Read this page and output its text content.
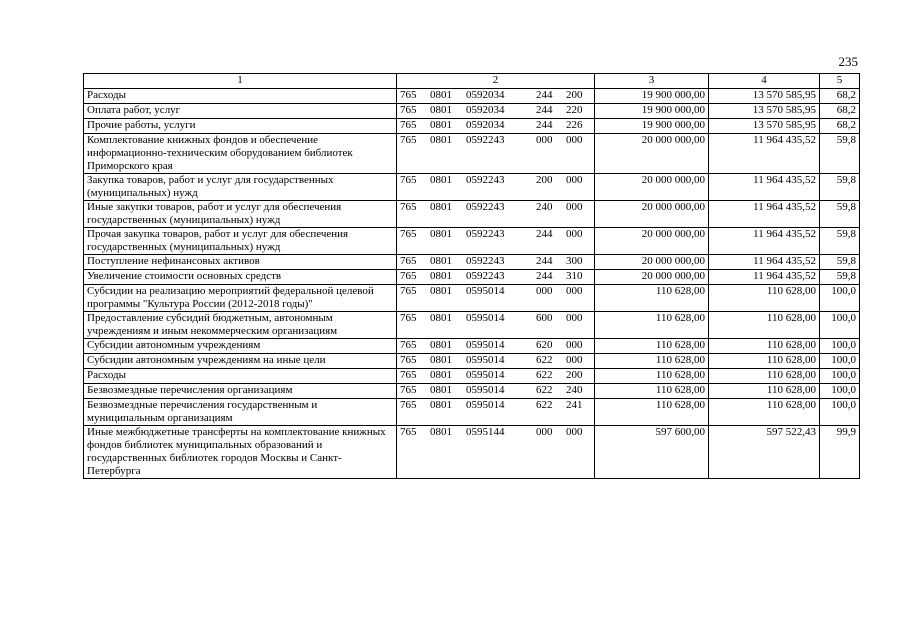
235
1	2	3	4	5
Расходы	765 0801 0592034 244 200	19 900 000,00	13 570 585,95	68,2
Оплата работ, услуг	765 0801 0592034 244 220	19 900 000,00	13 570 585,95	68,2
Прочие работы, услуги	765 0801 0592034 244 226	19 900 000,00	13 570 585,95	68,2
Комплектование книжных фондов и обеспечение информационно-техническим оборудованием библиотек Приморского края	765 0801 0592243 000 000	20 000 000,00	11 964 435,52	59,8
Закупка товаров, работ и услуг для государственных (муниципальных) нужд	765 0801 0592243 200 000	20 000 000,00	11 964 435,52	59,8
Иные закупки товаров, работ и услуг для обеспечения государственных (муниципальных) нужд	765 0801 0592243 240 000	20 000 000,00	11 964 435,52	59,8
Прочая закупка товаров, работ и услуг для обеспечения государственных (муниципальных) нужд	765 0801 0592243 244 000	20 000 000,00	11 964 435,52	59,8
Поступление нефинансовых активов	765 0801 0592243 244 300	20 000 000,00	11 964 435,52	59,8
Увеличение стоимости основных средств	765 0801 0592243 244 310	20 000 000,00	11 964 435,52	59,8
Субсидии на реализацию мероприятий федеральной целевой программы "Культура России (2012-2018 годы)"	765 0801 0595014 000 000	110 628,00	110 628,00	100,0
Предоставление субсидий бюджетным, автономным учреждениям и иным некоммерческим организациям	765 0801 0595014 600 000	110 628,00	110 628,00	100,0
Субсидии автономным учреждениям	765 0801 0595014 620 000	110 628,00	110 628,00	100,0
Субсидии автономным учреждениям на иные цели	765 0801 0595014 622 000	110 628,00	110 628,00	100,0
Расходы	765 0801 0595014 622 200	110 628,00	110 628,00	100,0
Безвозмездные перечисления организациям	765 0801 0595014 622 240	110 628,00	110 628,00	100,0
Безвозмездные перечисления государственным и муниципальным организациям	765 0801 0595014 622 241	110 628,00	110 628,00	100,0
Иные межбюджетные трансферты на комплектование книжных фондов библиотек муниципальных образований и государственных библиотек городов Москвы и Санкт-Петербурга	765 0801 0595144 000 000	597 600,00	597 522,43	99,9
